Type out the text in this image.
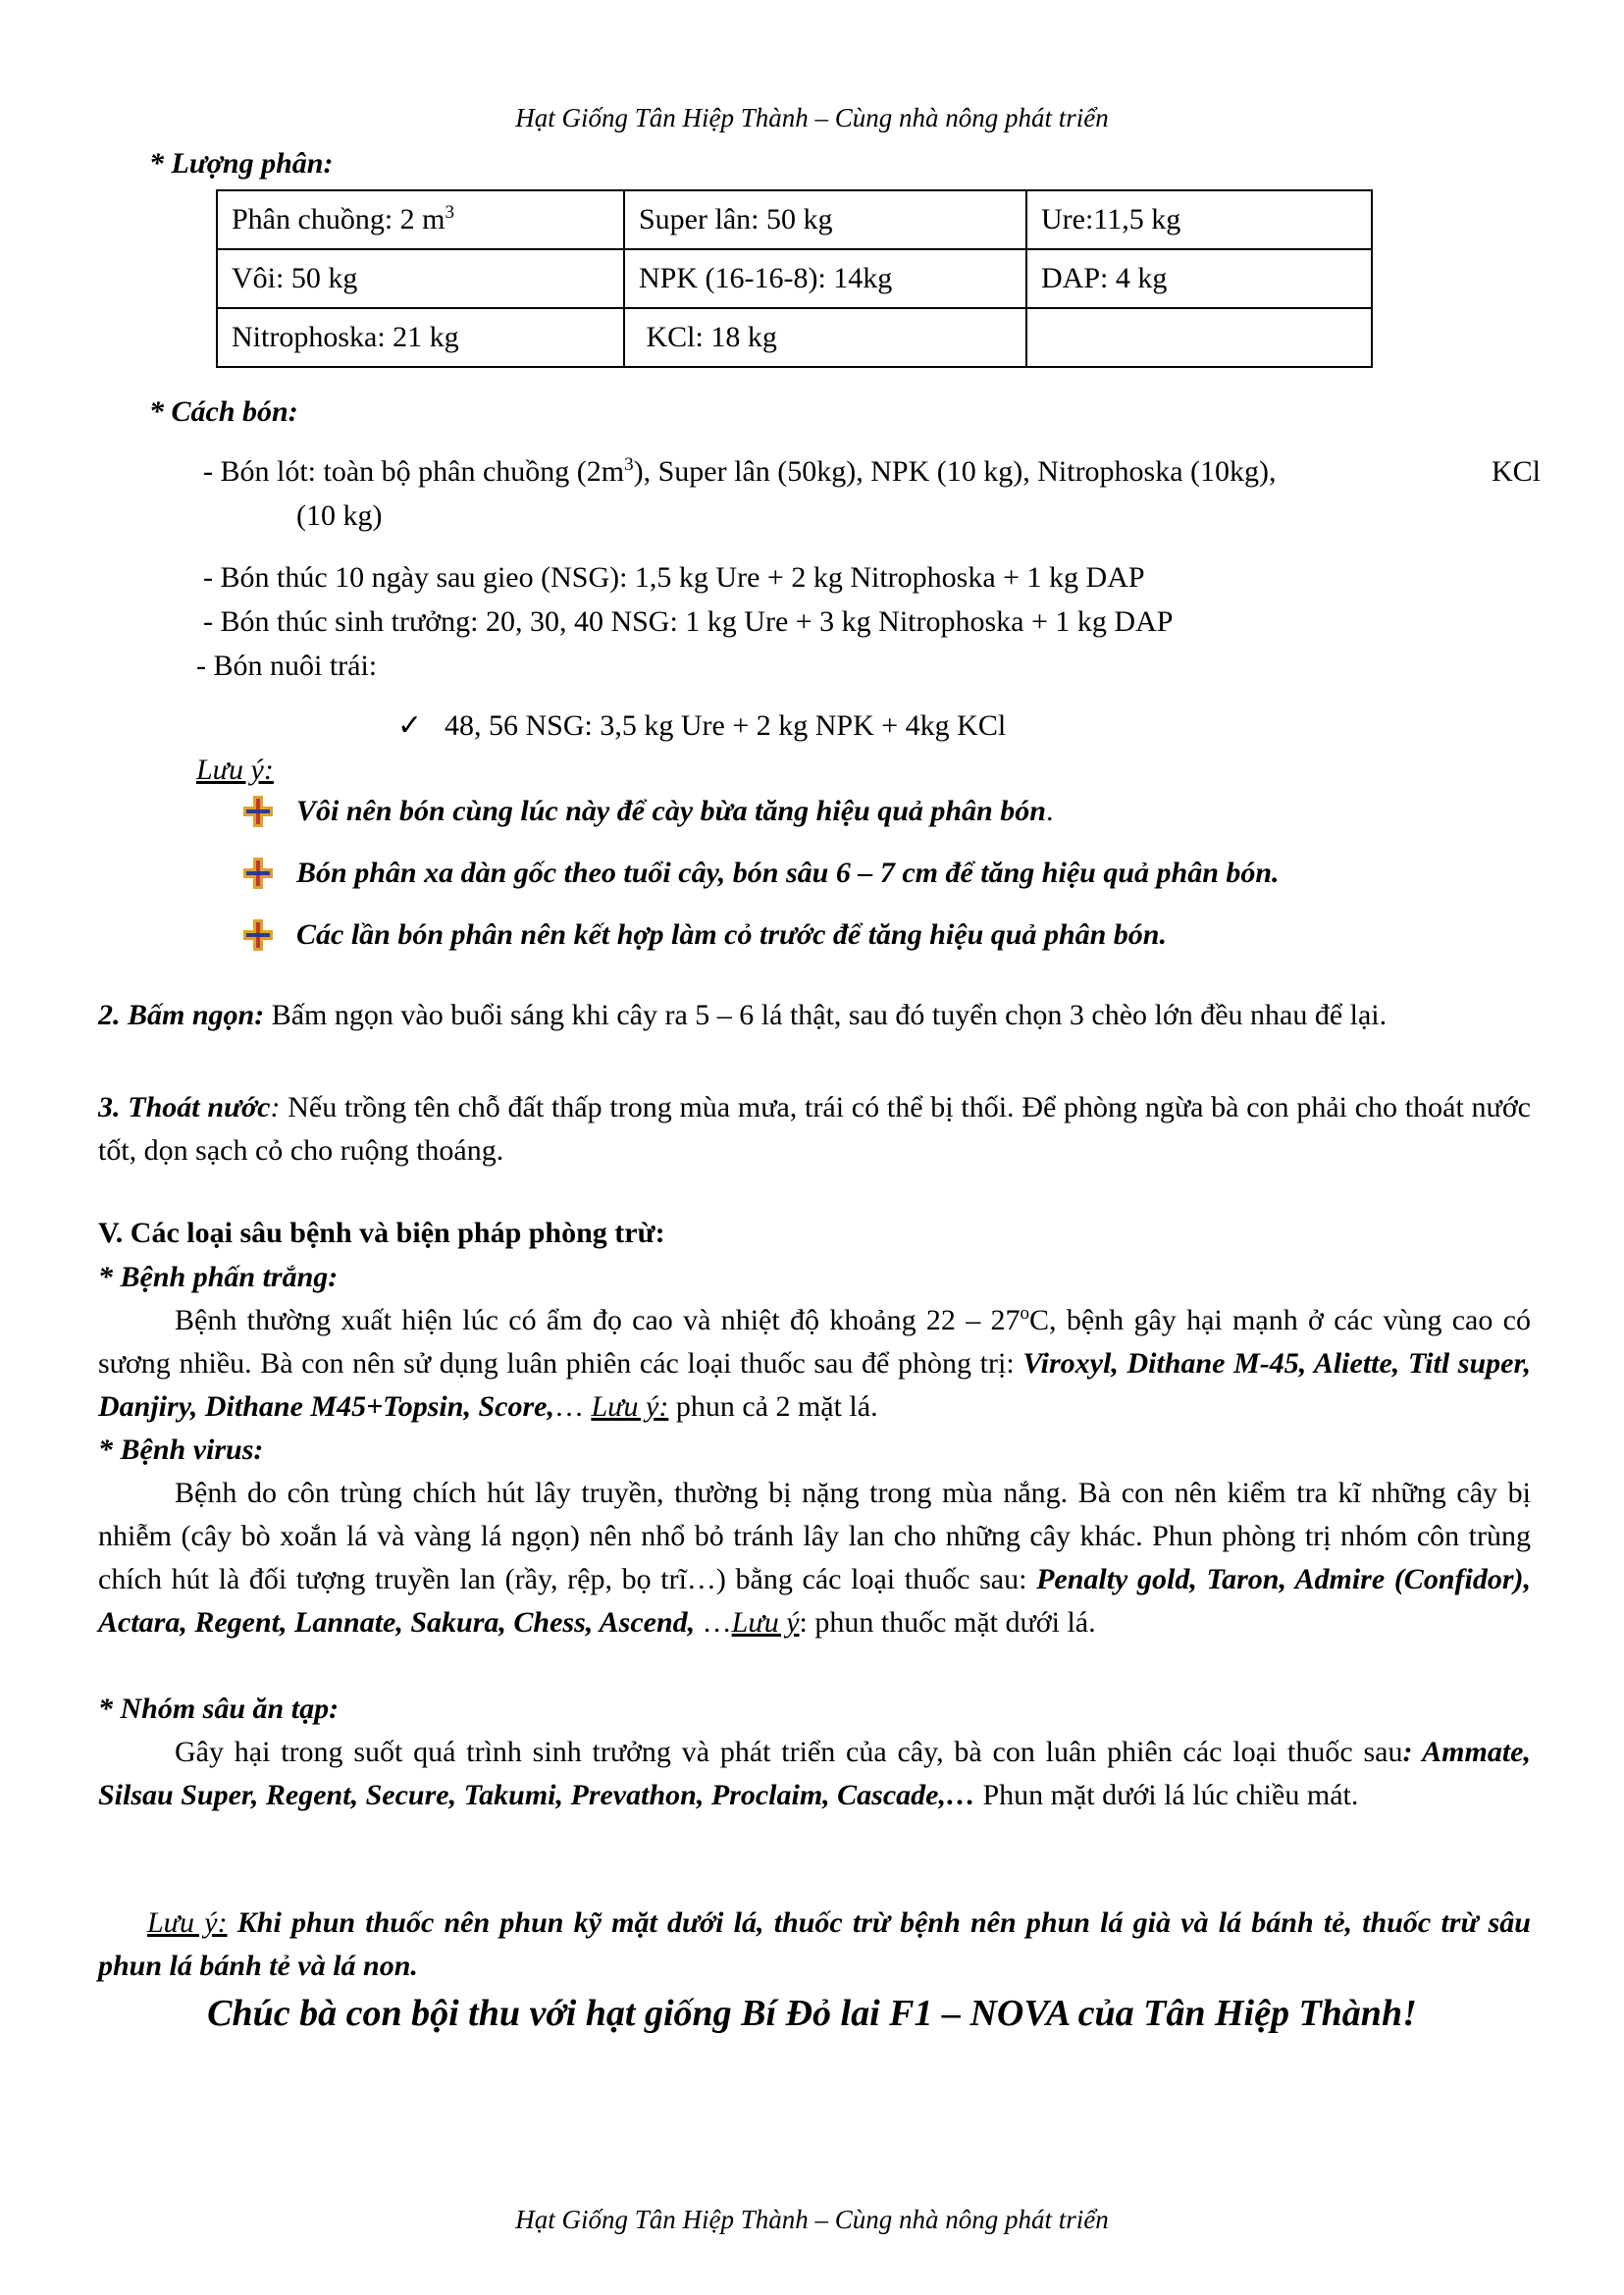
Hạt Giống Tân Hiệp Thành – Cùng nhà nông phát triển
* Lượng phân:
Phân chuồng: 2 $m^3$	Super lân: 50 kg	Ure:11,5 kg
Vôi: 50 kg	NPK (16-16-8): 14kg	DAP: 4 kg
Nitrophoska: 21 kg	KCl: 18 kg	
* Cách bón:
- Bón lót: toàn bộ phân chuồng $(2m^3)$, Super lân (50kg), NPK (10 kg), Nitrophoska (10kg),	KCl
(10 kg)
- Bón thúc 10 ngày sau gieo (NSG): 1,5 kg Ure + 2 kg Nitrophoska + 1 kg DAP
- Bón thúc sinh trưởng: 20, 30, 40 NSG: 1 kg Ure + 3 kg Nitrophoska + 1 kg DAP
- Bón nuôi trái:
✓ 48, 56 NSG: 3,5 kg Ure + 2 kg NPK + 4kg KCl
Lưu ý:
Vôi nên bón cùng lúc này để cày bừa tăng hiệu quả phân bón.
Bón phân xa dàn gốc theo tuổi cây, bón sâu 6 – 7 cm để tăng hiệu quả phân bón.
Các lần bón phân nên kết hợp làm cỏ trước để tăng hiệu quả phân bón.
2. Bấm ngọn: Bấm ngọn vào buổi sáng khi cây ra 5 – 6 lá thật, sau đó tuyển chọn 3 chèo lớn đều nhau để lại.
3. Thoát nước: Nếu trồng tên chỗ đất thấp trong mùa mưa, trái có thể bị thối. Để phòng ngừa bà con phải cho thoát nước tốt, dọn sạch cỏ cho ruộng thoáng.
V. Các loại sâu bệnh và biện pháp phòng trừ:
* Bệnh phấn trắng:
Bệnh thường xuất hiện lúc có ẩm đọ cao và nhiệt độ khoảng 22 – 27$^o$C, bệnh gây hại mạnh ở các vùng cao có sương nhiều. Bà con nên sử dụng luân phiên các loại thuốc sau để phòng trị: Viroxyl, Dithane M-45, Aliette, Titl super, Danjiry, Dithane M45+Topsin, Score,… Lưu ý: phun cả 2 mặt lá.
* Bệnh virus:
Bệnh do côn trùng chích hút lây truyền, thường bị nặng trong mùa nắng. Bà con nên kiểm tra kĩ những cây bị nhiễm (cây bò xoắn lá và vàng lá ngọn) nên nhổ bỏ tránh lây lan cho những cây khác. Phun phòng trị nhóm côn trùng chích hút là đối tượng truyền lan (rầy, rệp, bọ trĩ…) bằng các loại thuốc sau: Penalty gold, Taron, Admire (Confidor), Actara, Regent, Lannate, Sakura, Chess, Ascend, …Lưu ý: phun thuốc mặt dưới lá.
* Nhóm sâu ăn tạp:
Gây hại trong suốt quá trình sinh trưởng và phát triển của cây, bà con luân phiên các loại thuốc sau: Ammate, Silsau Super, Regent, Secure, Takumi, Prevathon, Proclaim, Cascade,… Phun mặt dưới lá lúc chiều mát.
Lưu ý: Khi phun thuốc nên phun kỹ mặt dưới lá, thuốc trừ bệnh nên phun lá già và lá bánh tẻ, thuốc trừ sâu phun lá bánh tẻ và lá non.
Chúc bà con bội thu với hạt giống Bí Đỏ lai F1 – NOVA của Tân Hiệp Thành!
Hạt Giống Tân Hiệp Thành – Cùng nhà nông phát triển
